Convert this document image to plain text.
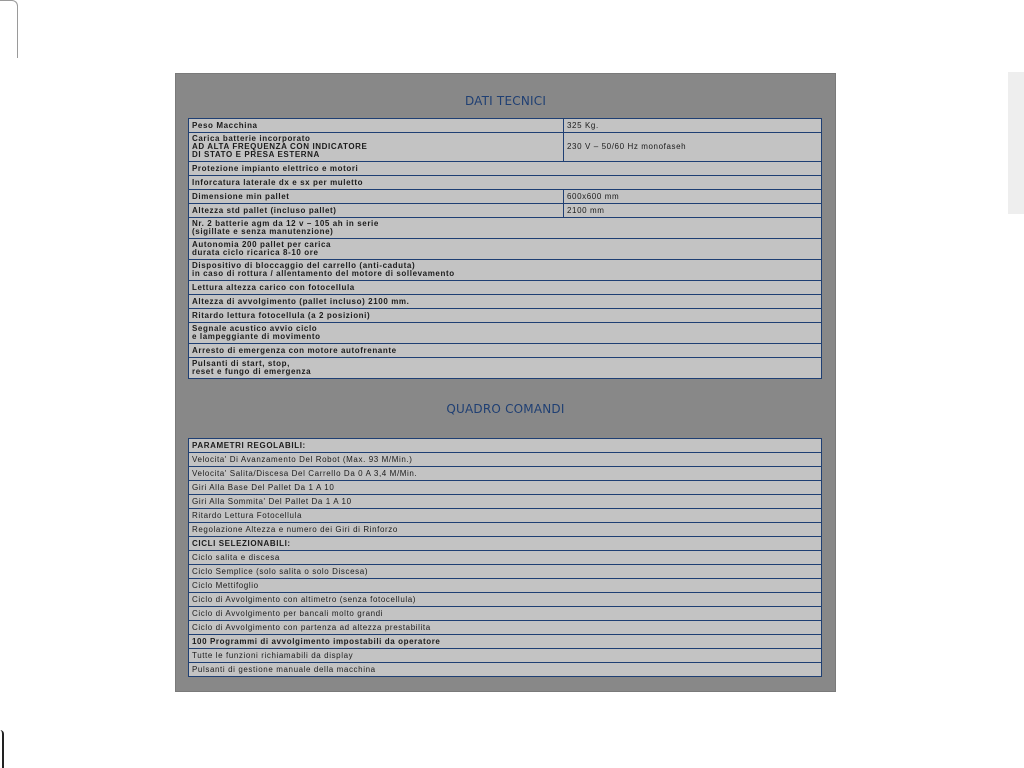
DATI TECNICI
Peso Macchina	325 Kg.
Carica batterie incorporato
AD ALTA FREQUENZA CON INDICATORE
DI STATO E PRESA ESTERNA	230 V – 50/60 Hz monofaseh
Protezione impianto elettrico e motori	
Inforcatura laterale dx e sx per muletto	
Dimensione min pallet	600x600 mm
Altezza std pallet (incluso pallet)	2100 mm
Nr. 2 batterie agm da 12 v – 105 ah in serie
(sigillate e senza manutenzione)	
Autonomia 200 pallet per carica
durata ciclo ricarica 8-10 ore	
Dispositivo di bloccaggio del carrello (anti-caduta)
in caso di rottura / allentamento del motore di sollevamento	
Lettura altezza carico con fotocellula	
Altezza di avvolgimento (pallet incluso) 2100 mm.	
Ritardo lettura fotocellula (a 2 posizioni)	
Segnale acustico avvio ciclo
e lampeggiante di movimento	
Arresto di emergenza con motore autofrenante	
Pulsanti di start, stop,
reset e fungo di emergenza	
QUADRO COMANDI
PARAMETRI REGOLABILI:
Velocita' Di Avanzamento Del Robot (Max. 93 M/Min.)
Velocita' Salita/Discesa Del Carrello Da 0 A 3,4 M/Min.
Giri Alla Base Del Pallet Da 1 A 10
Giri Alla Sommita' Del Pallet Da 1 A 10
Ritardo Lettura Fotocellula
Regolazione Altezza e numero dei Giri di Rinforzo
CICLI SELEZIONABILI:
Ciclo salita e discesa
Ciclo Semplice (solo salita o solo Discesa)
Ciclo Mettifoglio
Ciclo di Avvolgimento con altimetro (senza fotocellula)
Ciclo di Avvolgimento per bancali molto grandi
Ciclo di Avvolgimento con partenza ad altezza prestabilita
100 Programmi di avvolgimento impostabili da operatore
Tutte le funzioni richiamabili da display
Pulsanti di gestione manuale della macchina
